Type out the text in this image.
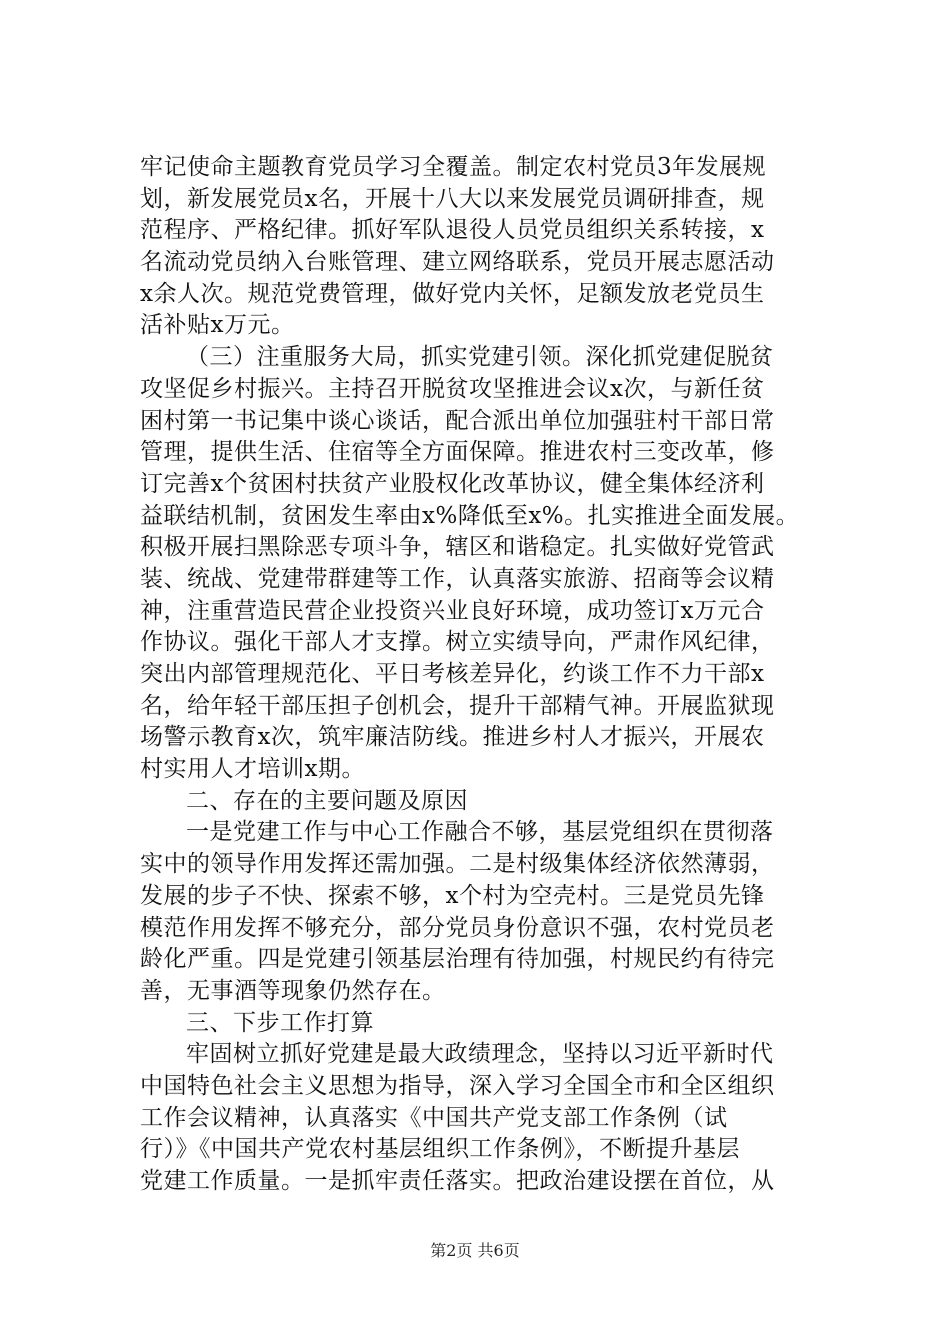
牢记使命主题教育党员学习全覆盖。制定农村党员3年发展规
划，新发展党员x名，开展十八大以来发展党员调研排查，规
范程序、严格纪律。抓好军队退役人员党员组织关系转接，x
名流动党员纳入台账管理、建立网络联系，党员开展志愿活动
x余人次。规范党费管理，做好党内关怀，足额发放老党员生
活补贴x万元。
（三）注重服务大局，抓实党建引领。深化抓党建促脱贫
攻坚促乡村振兴。主持召开脱贫攻坚推进会议x次，与新任贫
困村第一书记集中谈心谈话，配合派出单位加强驻村干部日常
管理，提供生活、住宿等全方面保障。推进农村三变改革，修
订完善x个贫困村扶贫产业股权化改革协议，健全集体经济利
益联结机制，贫困发生率由x%降低至x%。扎实推进全面发展。
积极开展扫黑除恶专项斗争，辖区和谐稳定。扎实做好党管武
装、统战、党建带群建等工作，认真落实旅游、招商等会议精
神，注重营造民营企业投资兴业良好环境，成功签订x万元合
作协议。强化干部人才支撑。树立实绩导向，严肃作风纪律，
突出内部管理规范化、平日考核差异化，约谈工作不力干部x
名，给年轻干部压担子创机会，提升干部精气神。开展监狱现
场警示教育x次，筑牢廉洁防线。推进乡村人才振兴，开展农
村实用人才培训x期。
二、存在的主要问题及原因
一是党建工作与中心工作融合不够，基层党组织在贯彻落
实中的领导作用发挥还需加强。二是村级集体经济依然薄弱，
发展的步子不快、探索不够，x个村为空壳村。三是党员先锋
模范作用发挥不够充分，部分党员身份意识不强，农村党员老
龄化严重。四是党建引领基层治理有待加强，村规民约有待完
善，无事酒等现象仍然存在。
三、下步工作打算
牢固树立抓好党建是最大政绩理念，坚持以习近平新时代
中国特色社会主义思想为指导，深入学习全国全市和全区组织
工作会议精神，认真落实《中国共产党支部工作条例（试
行）》《中国共产党农村基层组织工作条例》，不断提升基层
党建工作质量。一是抓牢责任落实。把政治建设摆在首位，从
第2页 共6页
